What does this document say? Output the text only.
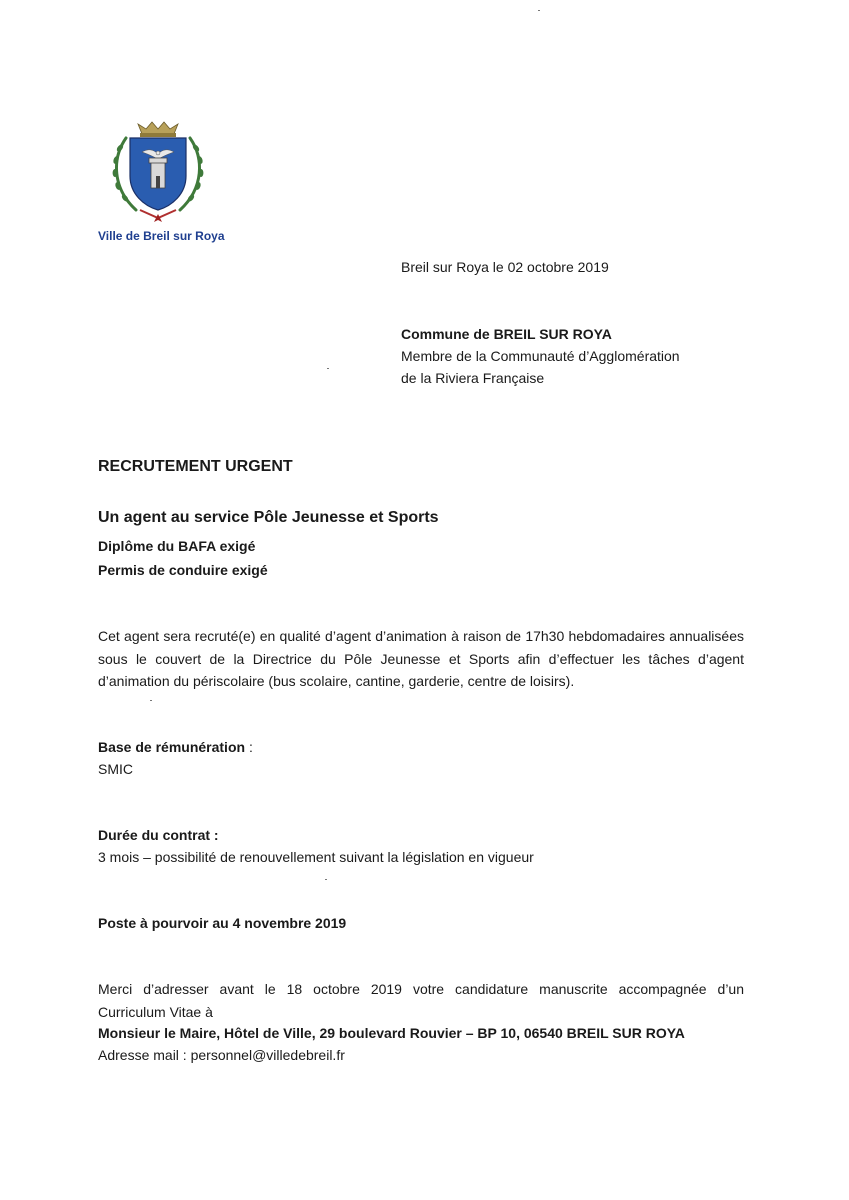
Ville de Breil sur Roya
Breil sur Roya le 02 octobre 2019
Commune de BREIL SUR ROYA
Membre de la Communauté d’Agglomération
de la Riviera Française
RECRUTEMENT URGENT
Un agent au service Pôle Jeunesse et Sports
Diplôme du BAFA exigé
Permis de conduire exigé
Cet agent sera recruté(e) en qualité d’agent d’animation à raison de 17h30 hebdomadaires annualisées
sous le couvert de la Directrice du Pôle Jeunesse et Sports afin d’effectuer les tâches d’agent
d’animation du périscolaire (bus scolaire, cantine, garderie, centre de loisirs).
Base de rémunération :
SMIC
Durée du contrat :
3 mois – possibilité de renouvellement suivant la législation en vigueur
Poste à pourvoir au 4 novembre 2019
Merci d’adresser avant le 18 octobre 2019 votre candidature manuscrite accompagnée d’un
Curriculum Vitae à
Monsieur le Maire, Hôtel de Ville, 29 boulevard Rouvier – BP 10, 06540 BREIL SUR ROYA
Adresse mail : personnel@villedebreil.fr
